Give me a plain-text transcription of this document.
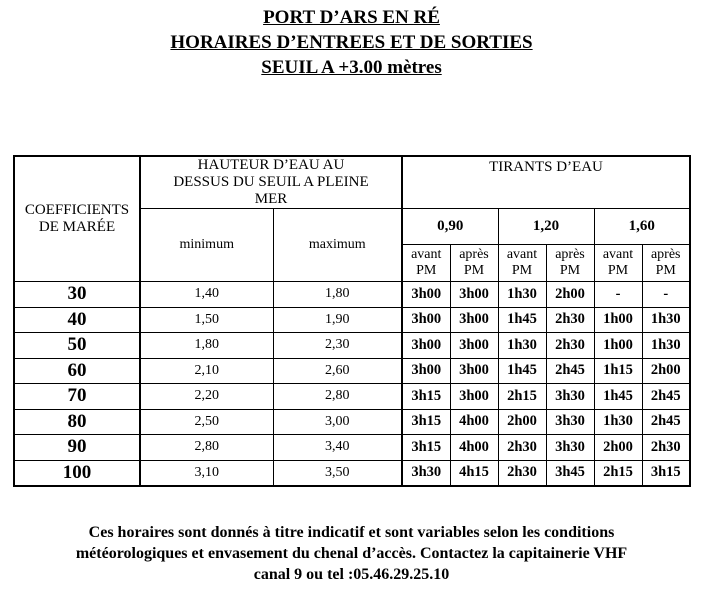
PORT D’ARS EN RÉ
HORAIRES D’ENTREES ET DE SORTIES
SEUIL A +3.00 mètres
COEFFICIENTS DE MARÉE	HAUTEUR D’EAU AU DESSUS DU SEUIL A PLEINE MER		TIRANTS D’EAU					
	minimum	maximum	0,90		1,20		1,60	
			avant PM	après PM	avant PM	après PM	avant PM	après PM
30	1,40	1,80	3h00	3h00	1h30	2h00	-	-
40	1,50	1,90	3h00	3h00	1h45	2h30	1h00	1h30
50	1,80	2,30	3h00	3h00	1h30	2h30	1h00	1h30
60	2,10	2,60	3h00	3h00	1h45	2h45	1h15	2h00
70	2,20	2,80	3h15	3h00	2h15	3h30	1h45	2h45
80	2,50	3,00	3h15	4h00	2h00	3h30	1h30	2h45
90	2,80	3,40	3h15	4h00	2h30	3h30	2h00	2h30
100	3,10	3,50	3h30	4h15	2h30	3h45	2h15	3h15
Ces horaires sont donnés à titre indicatif et sont variables selon les conditions
météorologiques et envasement du chenal d’accès. Contactez la capitainerie VHF
canal 9 ou tel :05.46.29.25.10
